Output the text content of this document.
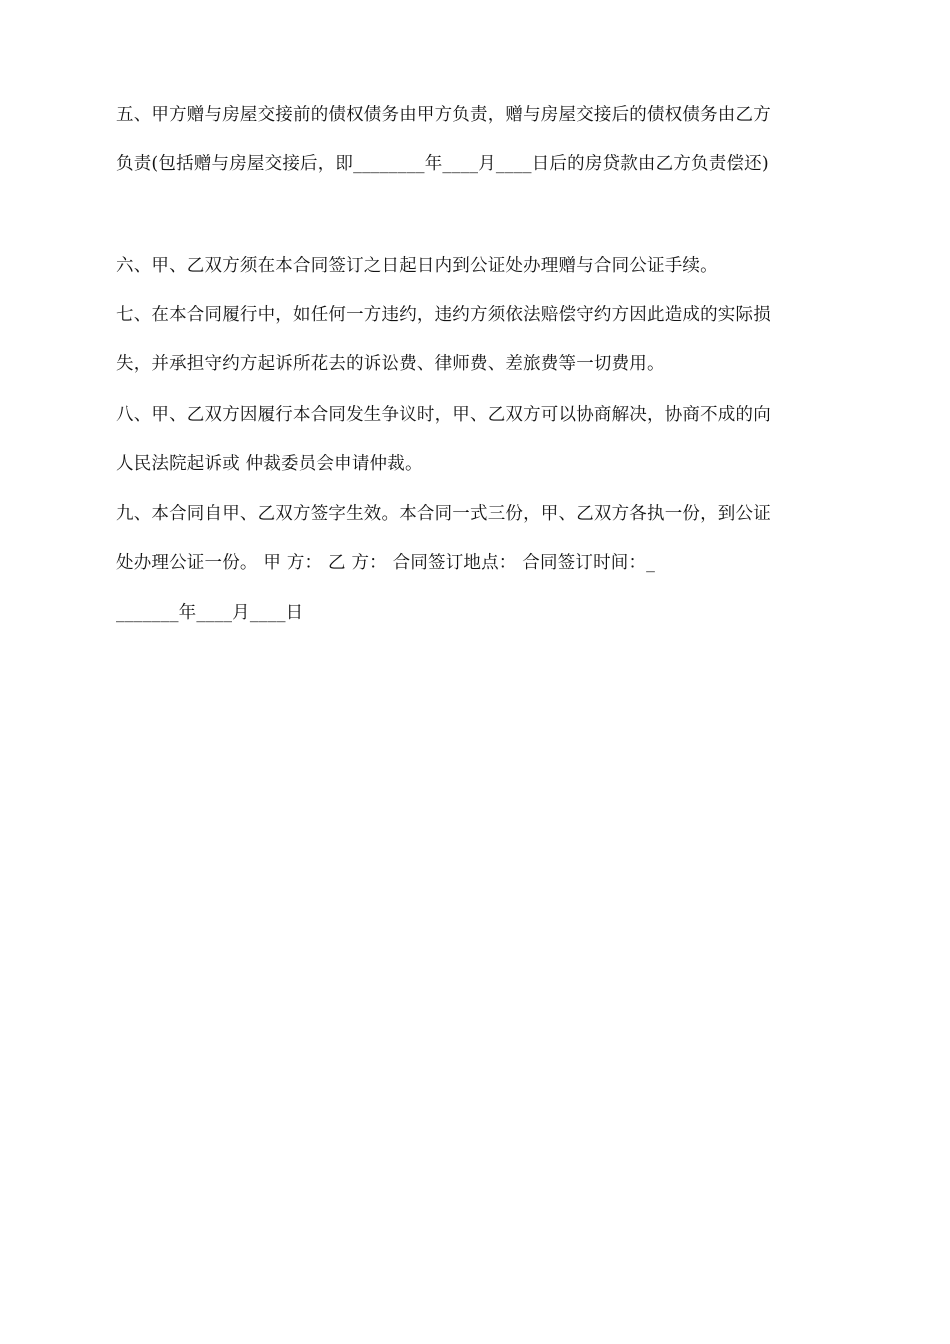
五、甲方赠与房屋交接前的债权债务由甲方负责，赠与房屋交接后的债权债务由乙方
负责(包括赠与房屋交接后，即________年____月____日后的房贷款由乙方负责偿还)
六、甲、乙双方须在本合同签订之日起日内到公证处办理赠与合同公证手续。
七、在本合同履行中，如任何一方违约，违约方须依法赔偿守约方因此造成的实际损
失，并承担守约方起诉所花去的诉讼费、律师费、差旅费等一切费用。
八、甲、乙双方因履行本合同发生争议时，甲、乙双方可以协商解决，协商不成的向
人民法院起诉或 仲裁委员会申请仲裁。
九、本合同自甲、乙双方签字生效。本合同一式三份，甲、乙双方各执一份，到公证
处办理公证一份。 甲 方： 乙 方： 合同签订地点： 合同签订时间：_
_______年____月____日
